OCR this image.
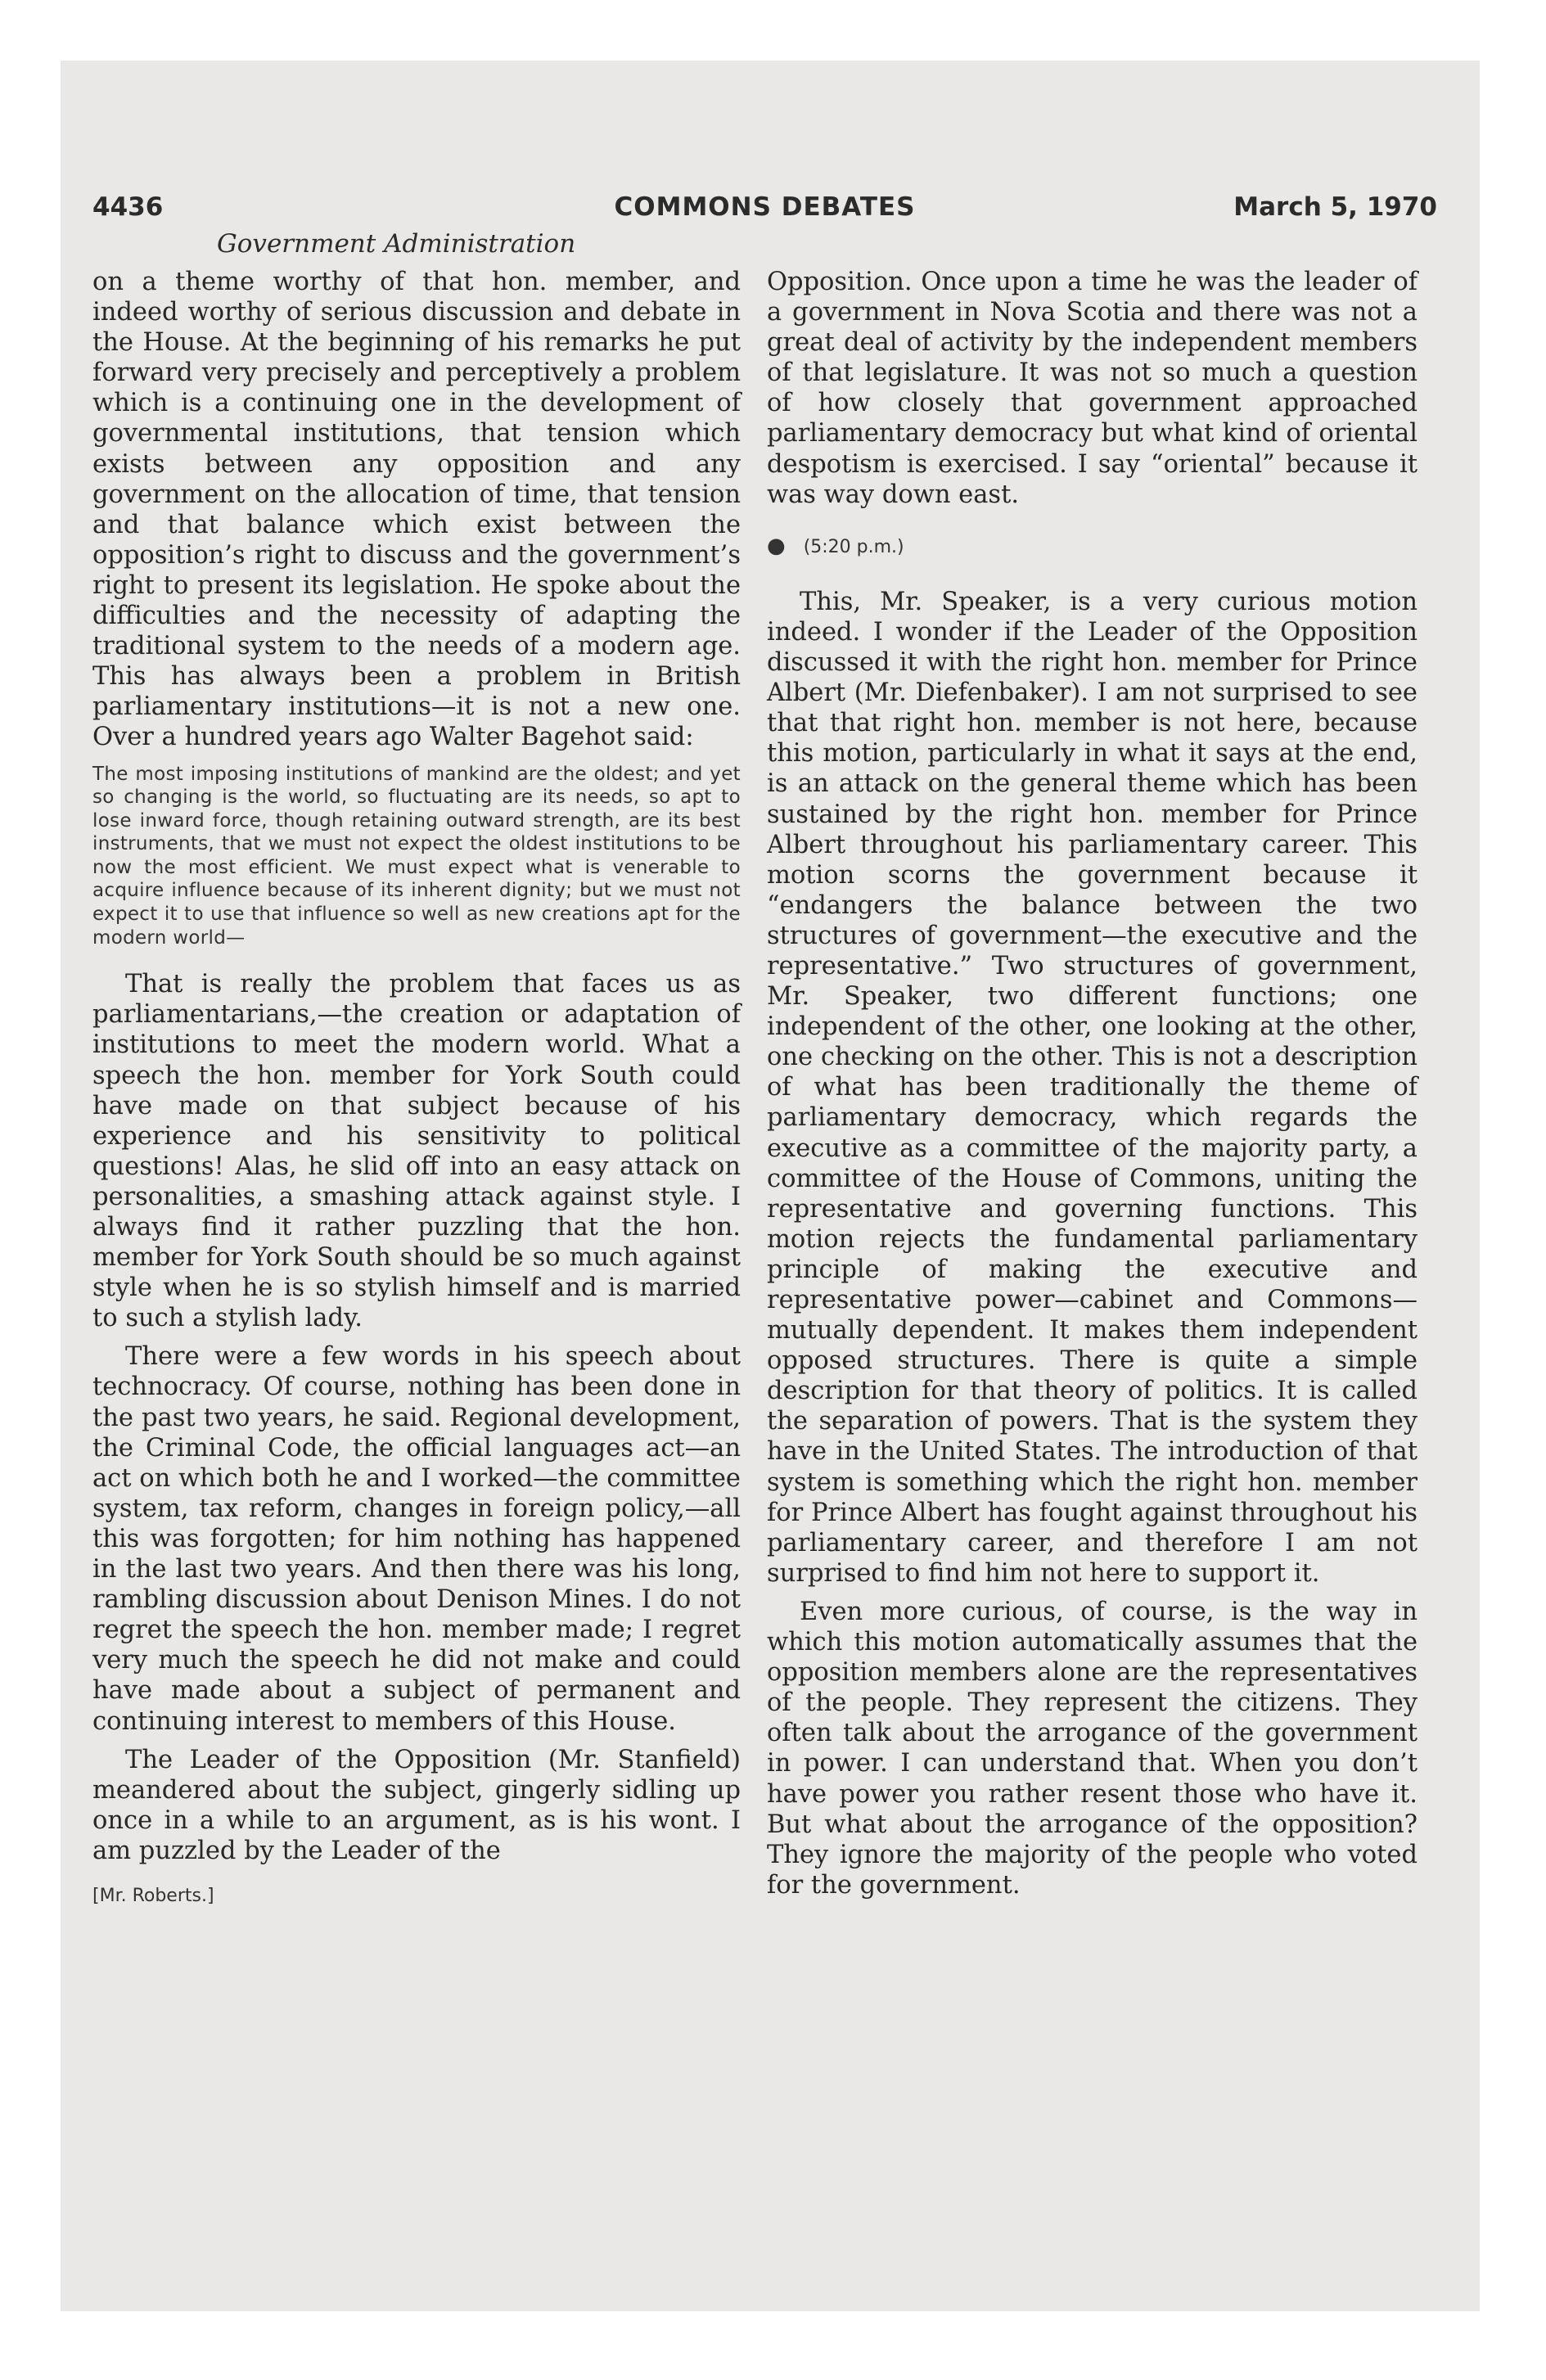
4436	COMMONS DEBATES	March 5, 1970
Government Administration

on a theme worthy of that hon. member, and indeed worthy of serious discussion and debate in the House. At the beginning of his remarks he put forward very precisely and perceptively a problem which is a continuing one in the development of governmental institutions, that tension which exists between any opposition and any government on the allocation of time, that tension and that balance which exist between the opposition’s right to discuss and the government’s right to present its legislation. He spoke about the difficulties and the necessity of adapting the traditional system to the needs of a modern age. This has always been a problem in British parliamentary institutions—it is not a new one. Over a hundred years ago Walter Bagehot said:

The most imposing institutions of mankind are the oldest; and yet so changing is the world, so fluctuating are its needs, so apt to lose inward force, though retaining outward strength, are its best instruments, that we must not expect the oldest institutions to be now the most efficient. We must expect what is venerable to acquire influence because of its inherent dignity; but we must not expect it to use that influence so well as new creations apt for the modern world—

That is really the problem that faces us as parliamentarians,—the creation or adaptation of institutions to meet the modern world. What a speech the hon. member for York South could have made on that subject because of his experience and his sensitivity to political questions! Alas, he slid off into an easy attack on personalities, a smashing attack against style. I always find it rather puzzling that the hon. member for York South should be so much against style when he is so stylish himself and is married to such a stylish lady.

There were a few words in his speech about technocracy. Of course, nothing has been done in the past two years, he said. Regional development, the Criminal Code, the official languages act—an act on which both he and I worked—the committee system, tax reform, changes in foreign policy,—all this was forgotten; for him nothing has happened in the last two years. And then there was his long, rambling discussion about Denison Mines. I do not regret the speech the hon. member made; I regret very much the speech he did not make and could have made about a subject of permanent and continuing interest to members of this House.

The Leader of the Opposition (Mr. Stanfield) meandered about the subject, gingerly sidling up once in a while to an argument, as is his wont. I am puzzled by the Leader of the

[Mr. Roberts.]

Opposition. Once upon a time he was the leader of a government in Nova Scotia and there was not a great deal of activity by the independent members of that legislature. It was not so much a question of how closely that government approached parliamentary democracy but what kind of oriental despotism is exercised. I say “oriental” because it was way down east.

● (5:20 p.m.)

This, Mr. Speaker, is a very curious motion indeed. I wonder if the Leader of the Opposition discussed it with the right hon. member for Prince Albert (Mr. Diefenbaker). I am not surprised to see that that right hon. member is not here, because this motion, particularly in what it says at the end, is an attack on the general theme which has been sustained by the right hon. member for Prince Albert throughout his parliamentary career. This motion scorns the government because it “endangers the balance between the two structures of government—the executive and the representative.” Two structures of government, Mr. Speaker, two different functions; one independent of the other, one looking at the other, one checking on the other. This is not a description of what has been traditionally the theme of parliamentary democracy, which regards the executive as a committee of the majority party, a committee of the House of Commons, uniting the representative and governing functions. This motion rejects the fundamental parliamentary principle of making the executive and representative power—cabinet and Commons—mutually dependent. It makes them independent opposed structures. There is quite a simple description for that theory of politics. It is called the separation of powers. That is the system they have in the United States. The introduction of that system is something which the right hon. member for Prince Albert has fought against throughout his parliamentary career, and therefore I am not surprised to find him not here to support it.

Even more curious, of course, is the way in which this motion automatically assumes that the opposition members alone are the representatives of the people. They represent the citizens. They often talk about the arrogance of the government in power. I can understand that. When you don’t have power you rather resent those who have it. But what about the arrogance of the opposition? They ignore the majority of the people who voted for the government.
